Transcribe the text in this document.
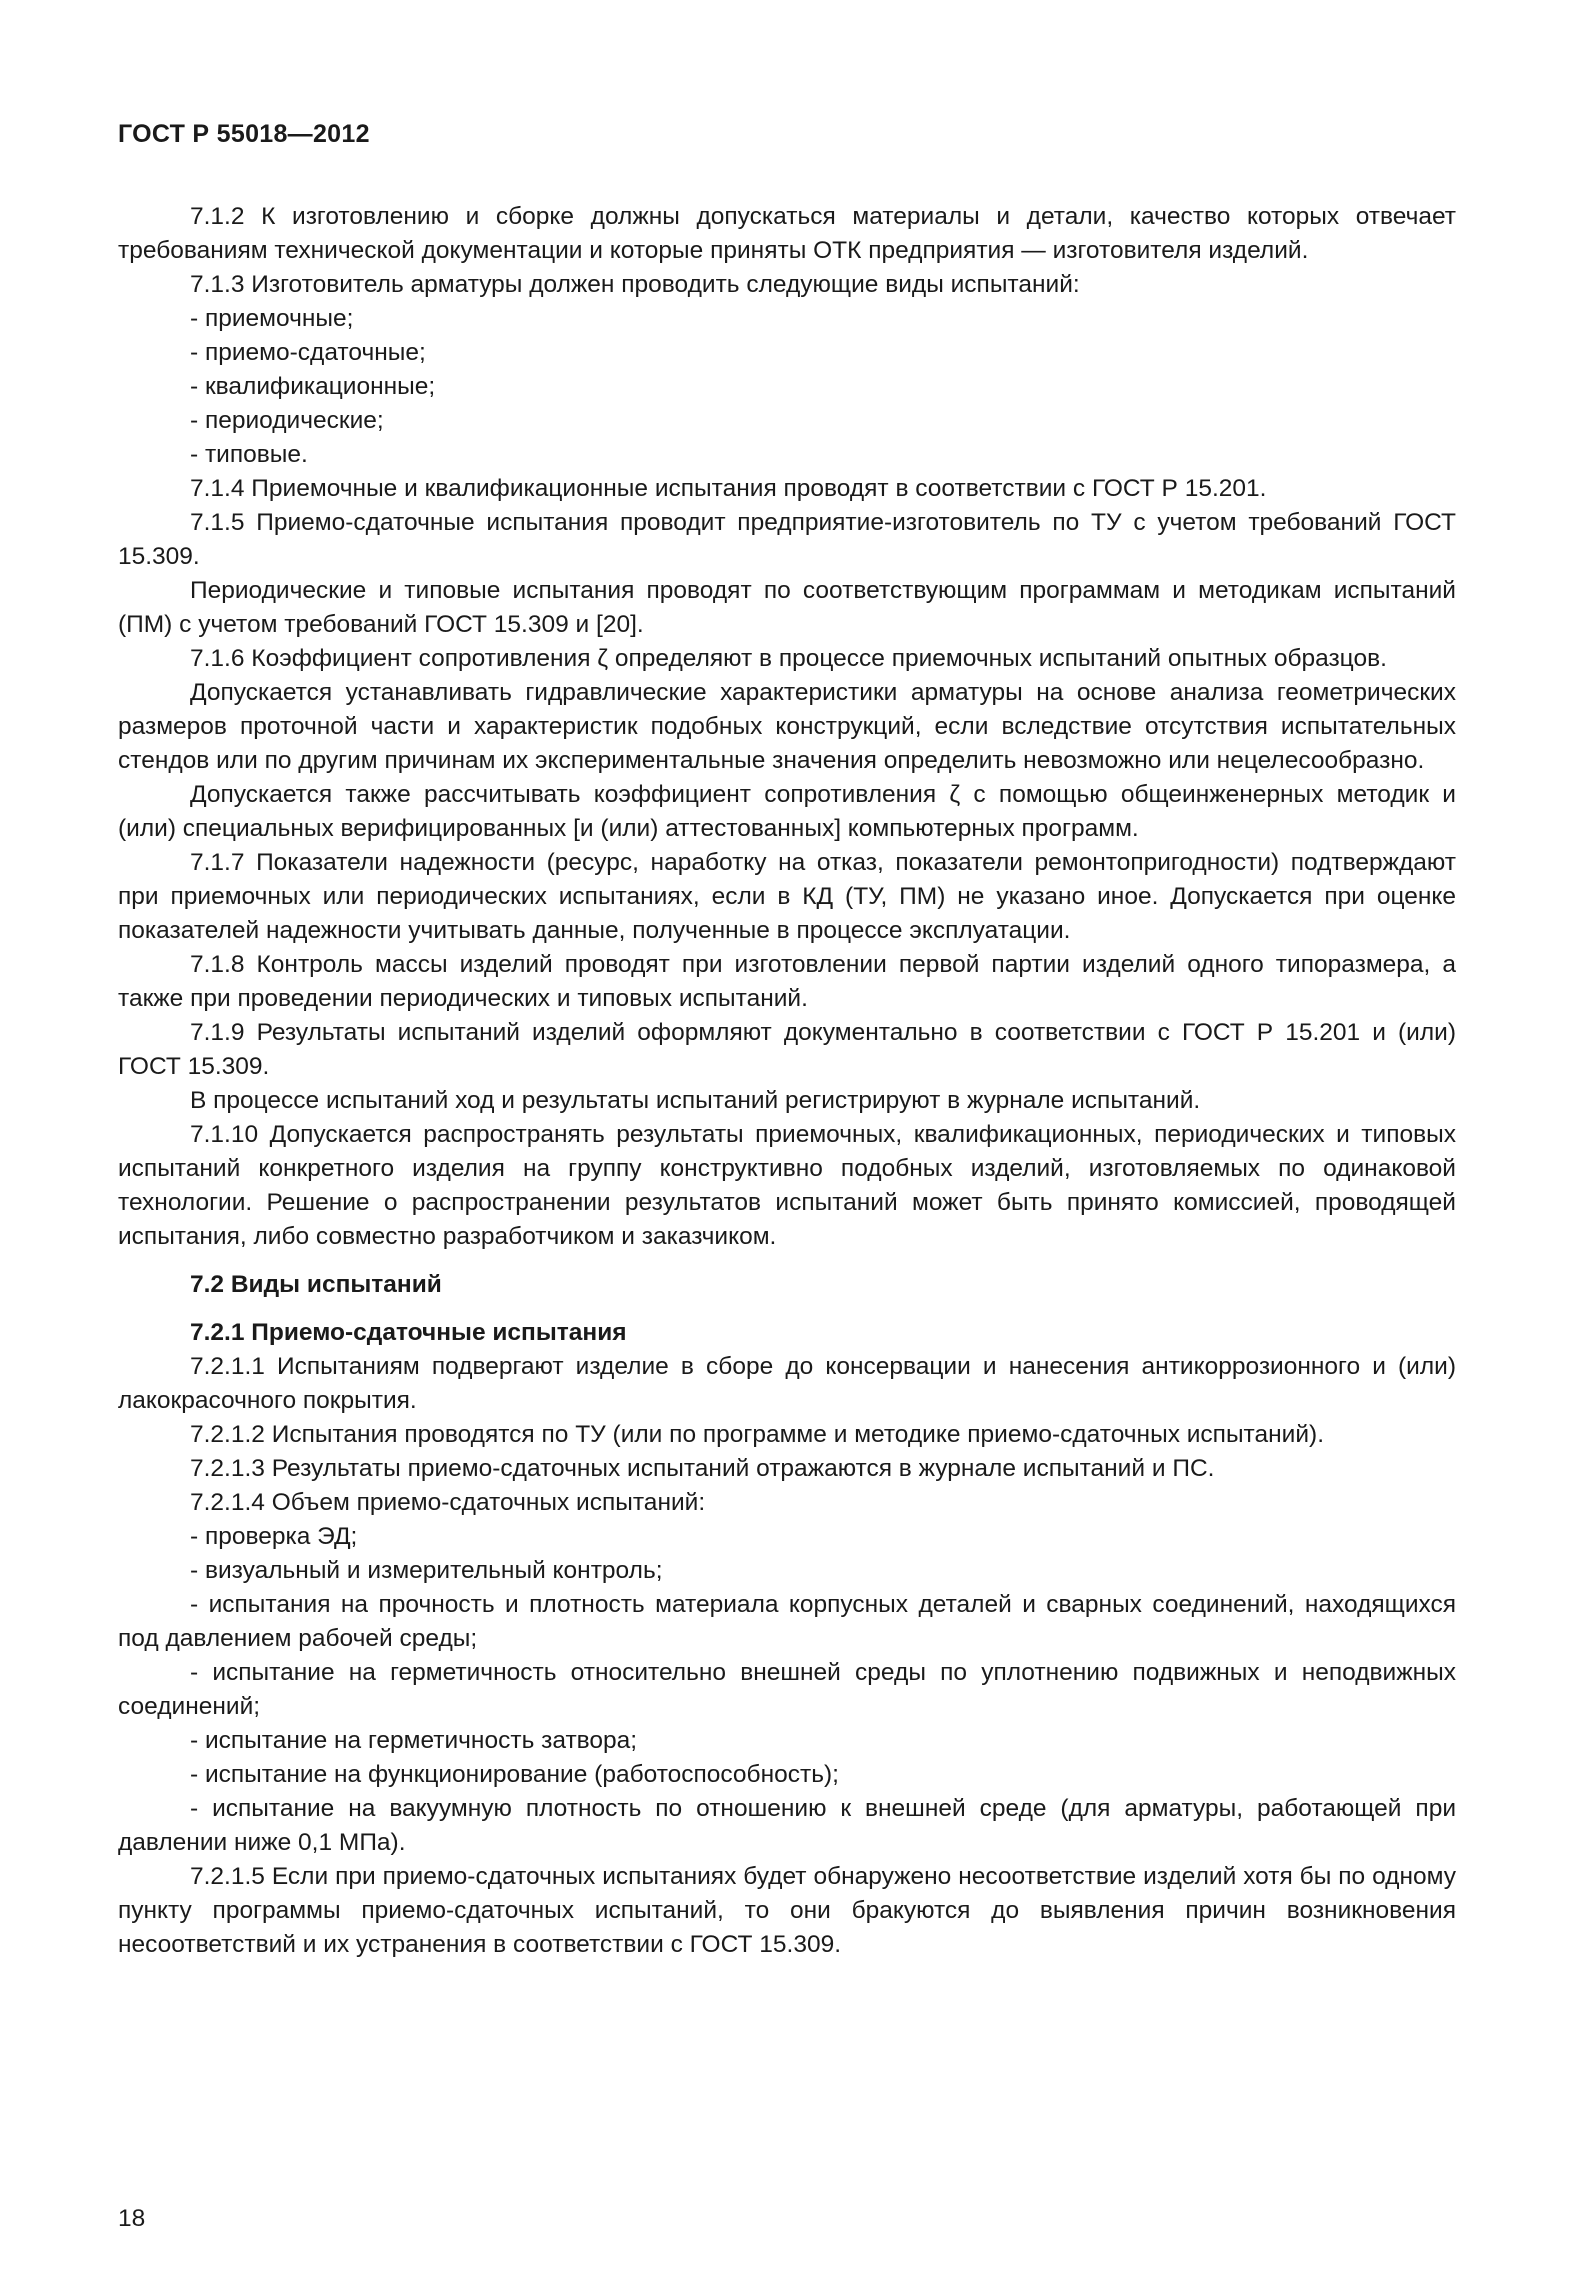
ГОСТ Р 55018—2012

7.1.2 К изготовлению и сборке должны допускаться материалы и детали, качество которых отвечает требованиям технической документации и которые приняты ОТК предприятия — изготовителя изделий.

7.1.3 Изготовитель арматуры должен проводить следующие виды испытаний:

- приемочные;

- приемо-сдаточные;

- квалификационные;

- периодические;

- типовые.

7.1.4 Приемочные и квалификационные испытания проводят в соответствии с ГОСТ Р 15.201.

7.1.5 Приемо-сдаточные испытания проводит предприятие-изготовитель по ТУ с учетом требований ГОСТ 15.309.

Периодические и типовые испытания проводят по соответствующим программам и методикам испытаний (ПМ) с учетом требований ГОСТ 15.309 и [20].

7.1.6 Коэффициент сопротивления ζ определяют в процессе приемочных испытаний опытных образцов.

Допускается устанавливать гидравлические характеристики арматуры на основе анализа геометрических размеров проточной части и характеристик подобных конструкций, если вследствие отсутствия испытательных стендов или по другим причинам их экспериментальные значения определить невозможно или нецелесообразно.

Допускается также рассчитывать коэффициент сопротивления ζ с помощью общеинженерных методик и (или) специальных верифицированных [и (или) аттестованных] компьютерных программ.

7.1.7 Показатели надежности (ресурс, наработку на отказ, показатели ремонтопригодности) подтверждают при приемочных или периодических испытаниях, если в КД (ТУ, ПМ) не указано иное. Допускается при оценке показателей надежности учитывать данные, полученные в процессе эксплуатации.

7.1.8 Контроль массы изделий проводят при изготовлении первой партии изделий одного типоразмера, а также при проведении периодических и типовых испытаний.

7.1.9 Результаты испытаний изделий оформляют документально в соответствии с ГОСТ Р 15.201 и (или) ГОСТ 15.309.

В процессе испытаний ход и результаты испытаний регистрируют в журнале испытаний.

7.1.10 Допускается распространять результаты приемочных, квалификационных, периодических и типовых испытаний конкретного изделия на группу конструктивно подобных изделий, изготовляемых по одинаковой технологии. Решение о распространении результатов испытаний может быть принято комиссией, проводящей испытания, либо совместно разработчиком и заказчиком.

7.2 Виды испытаний
7.2.1 Приемо-сдаточные испытания

7.2.1.1 Испытаниям подвергают изделие в сборе до консервации и нанесения антикоррозионного и (или) лакокрасочного покрытия.

7.2.1.2 Испытания проводятся по ТУ (или по программе и методике приемо-сдаточных испытаний).

7.2.1.3 Результаты приемо-сдаточных испытаний отражаются в журнале испытаний и ПС.

7.2.1.4 Объем приемо-сдаточных испытаний:

- проверка ЭД;

- визуальный и измерительный контроль;

- испытания на прочность и плотность материала корпусных деталей и сварных соединений, находящихся под давлением рабочей среды;

- испытание на герметичность относительно внешней среды по уплотнению подвижных и неподвижных соединений;

- испытание на герметичность затвора;

- испытание на функционирование (работоспособность);

- испытание на вакуумную плотность по отношению к внешней среде (для арматуры, работающей при давлении ниже 0,1 МПа).

7.2.1.5 Если при приемо-сдаточных испытаниях будет обнаружено несоответствие изделий хотя бы по одному пункту программы приемо-сдаточных испытаний, то они бракуются до выявления причин возникновения несоответствий и их устранения в соответствии с ГОСТ 15.309.

18
